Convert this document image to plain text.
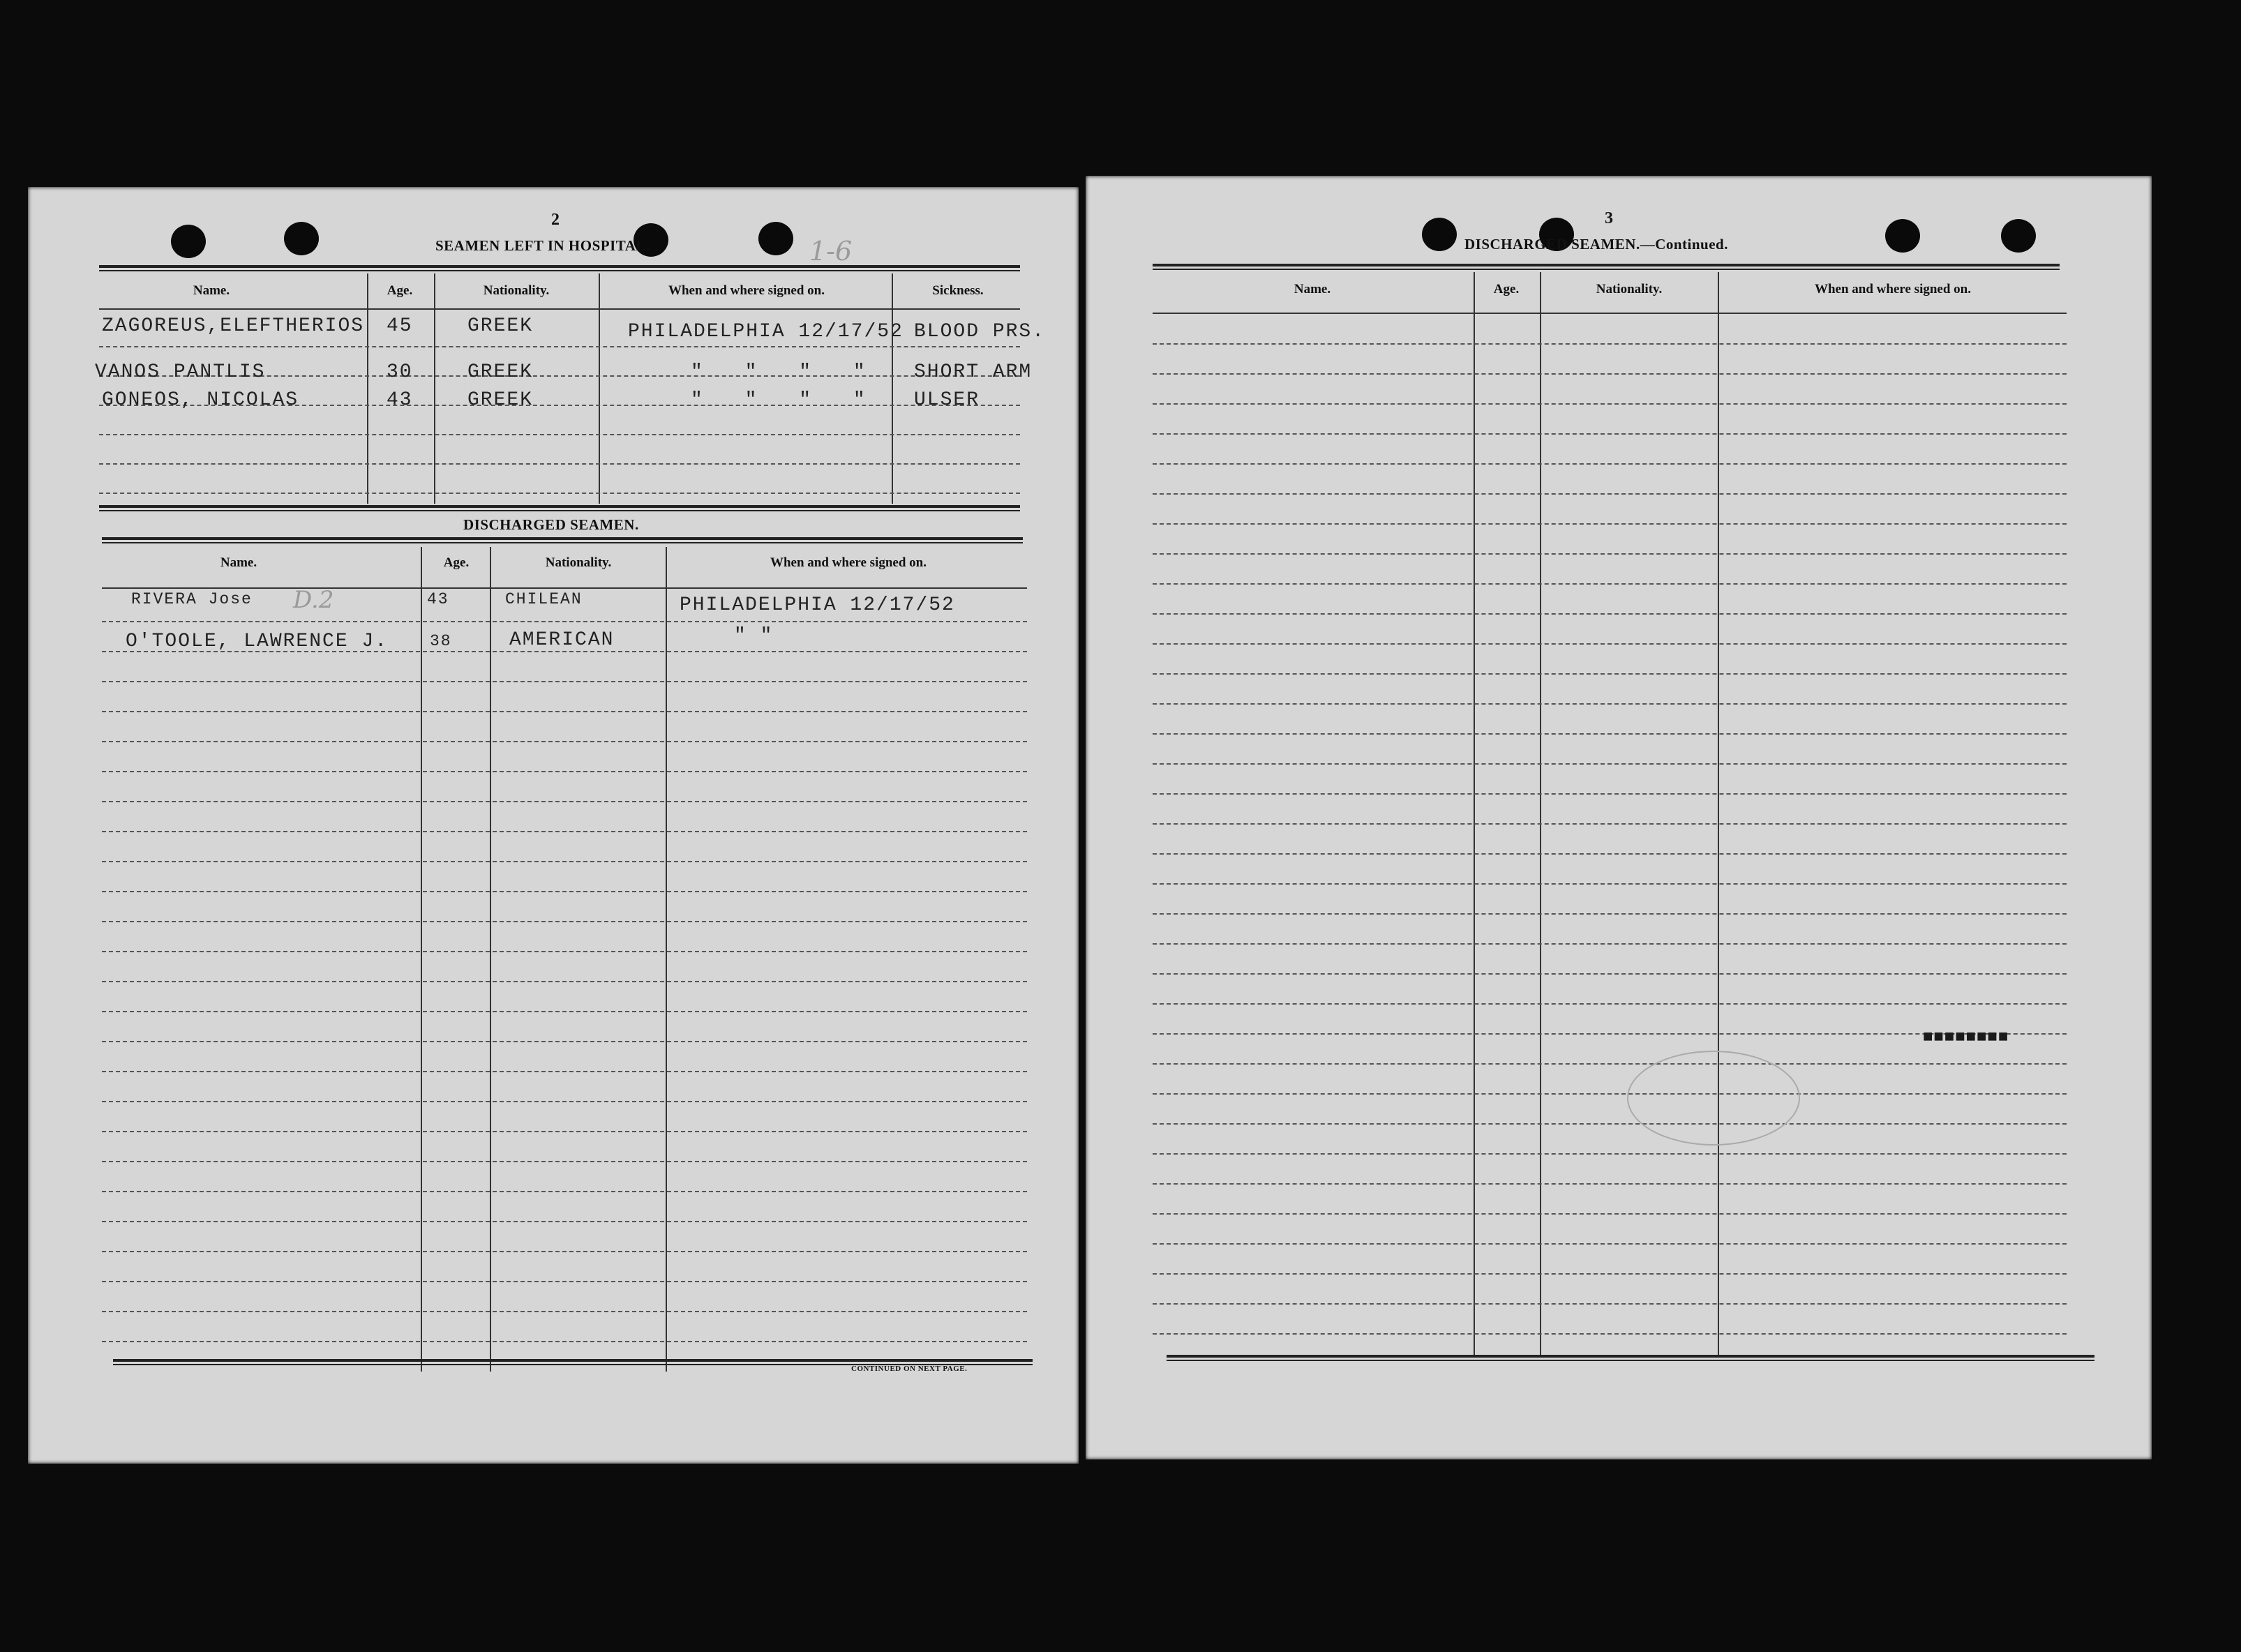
2
SEAMEN LEFT IN HOSPITAL.	1-6
Name.	Age.	Nationality.	When and where signed on.	Sickness.
ZAGOREUS,ELEFTHERIOS 45	GREEK	PHILADELPHIA 12/17/52 BLOOD PRS.
VANOS PANTLIS	30	GREEK	" " " " SHORT ARM
GONEOS, NICOLAS	43	GREEK	" " " " ULSER
DISCHARGED SEAMEN.
Name.	Age.	Nationality.	When and where signed on.
RIVERA Jose D.2	43	CHILEAN	PHILADELPHIA 12/17/52
O'TOOLE, LAWRENCE J.	38	AMERICAN	" "
CONTINUED ON NEXT PAGE.
3
DISCHARGED SEAMEN.—Continued.
Name.	Age.	Nationality.	When and where signed on.
■■■■■■■■
